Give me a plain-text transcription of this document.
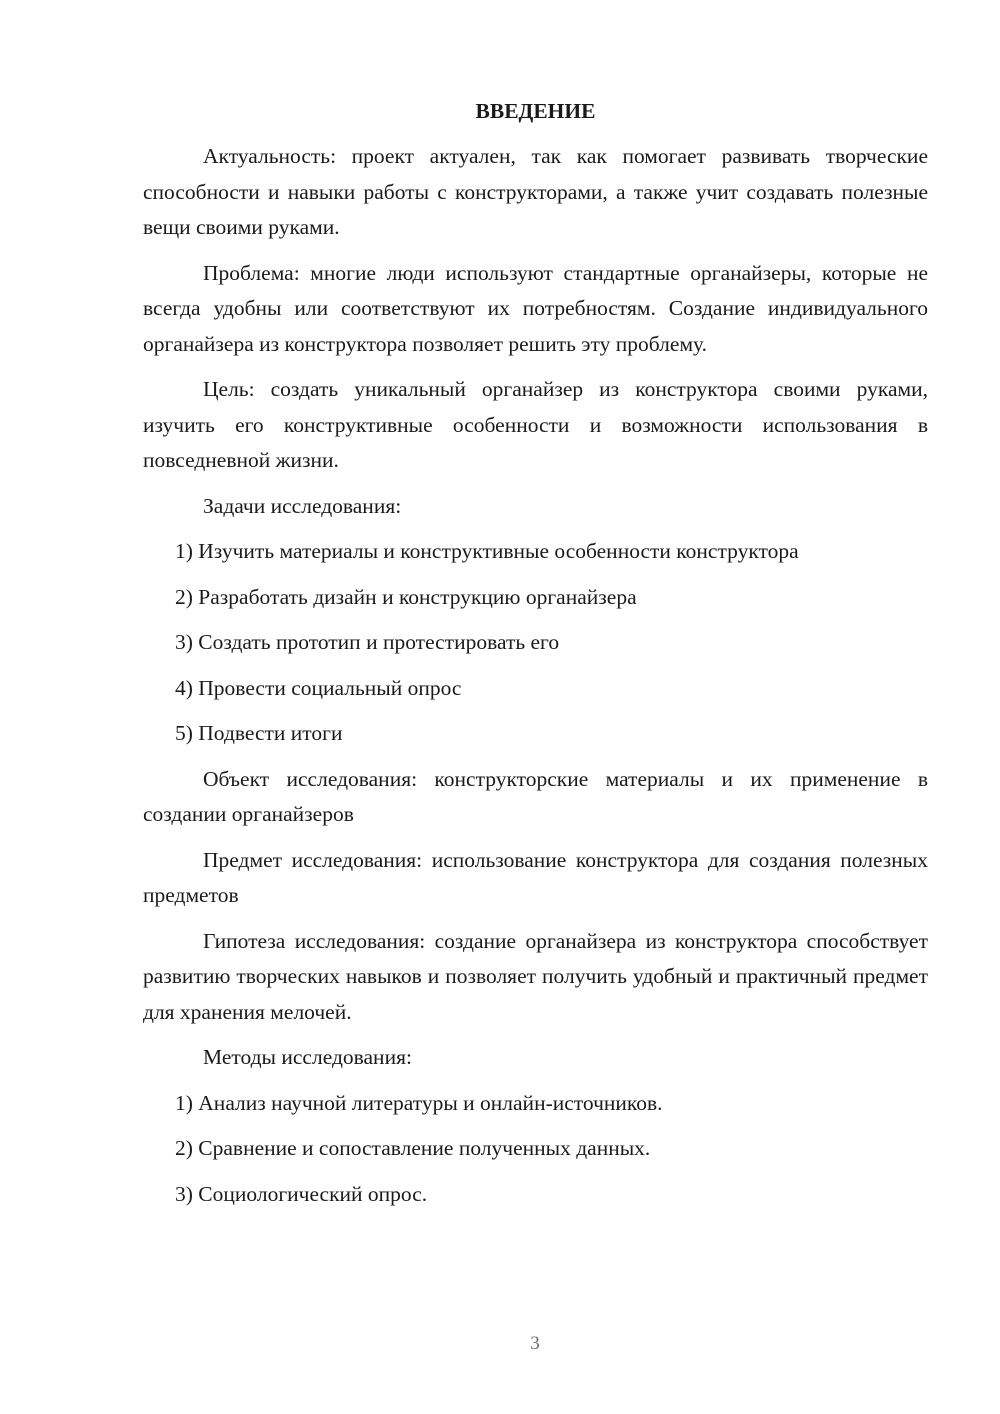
ВВЕДЕНИЕ

Актуальность: проект актуален, так как помогает развивать творческие способности и навыки работы с конструкторами, а также учит создавать полезные вещи своими руками.

Проблема: многие люди используют стандартные органайзеры, которые не всегда удобны или соответствуют их потребностям. Создание индивидуального органайзера из конструктора позволяет решить эту проблему.

Цель: создать уникальный органайзер из конструктора своими руками, изучить его конструктивные особенности и возможности использования в повседневной жизни.

Задачи исследования:

1) Изучить материалы и конструктивные особенности конструктора
2) Разработать дизайн и конструкцию органайзера
3) Создать прототип и протестировать его
4) Провести социальный опрос
5) Подвести итоги

Объект исследования: конструкторские материалы и их применение в создании органайзеров

Предмет исследования: использование конструктора для создания полезных предметов

Гипотеза исследования: создание органайзера из конструктора способствует развитию творческих навыков и позволяет получить удобный и практичный предмет для хранения мелочей.

Методы исследования:

1) Анализ научной литературы и онлайн-источников.
2) Сравнение и сопоставление полученных данных.
3) Социологический опрос.
3
